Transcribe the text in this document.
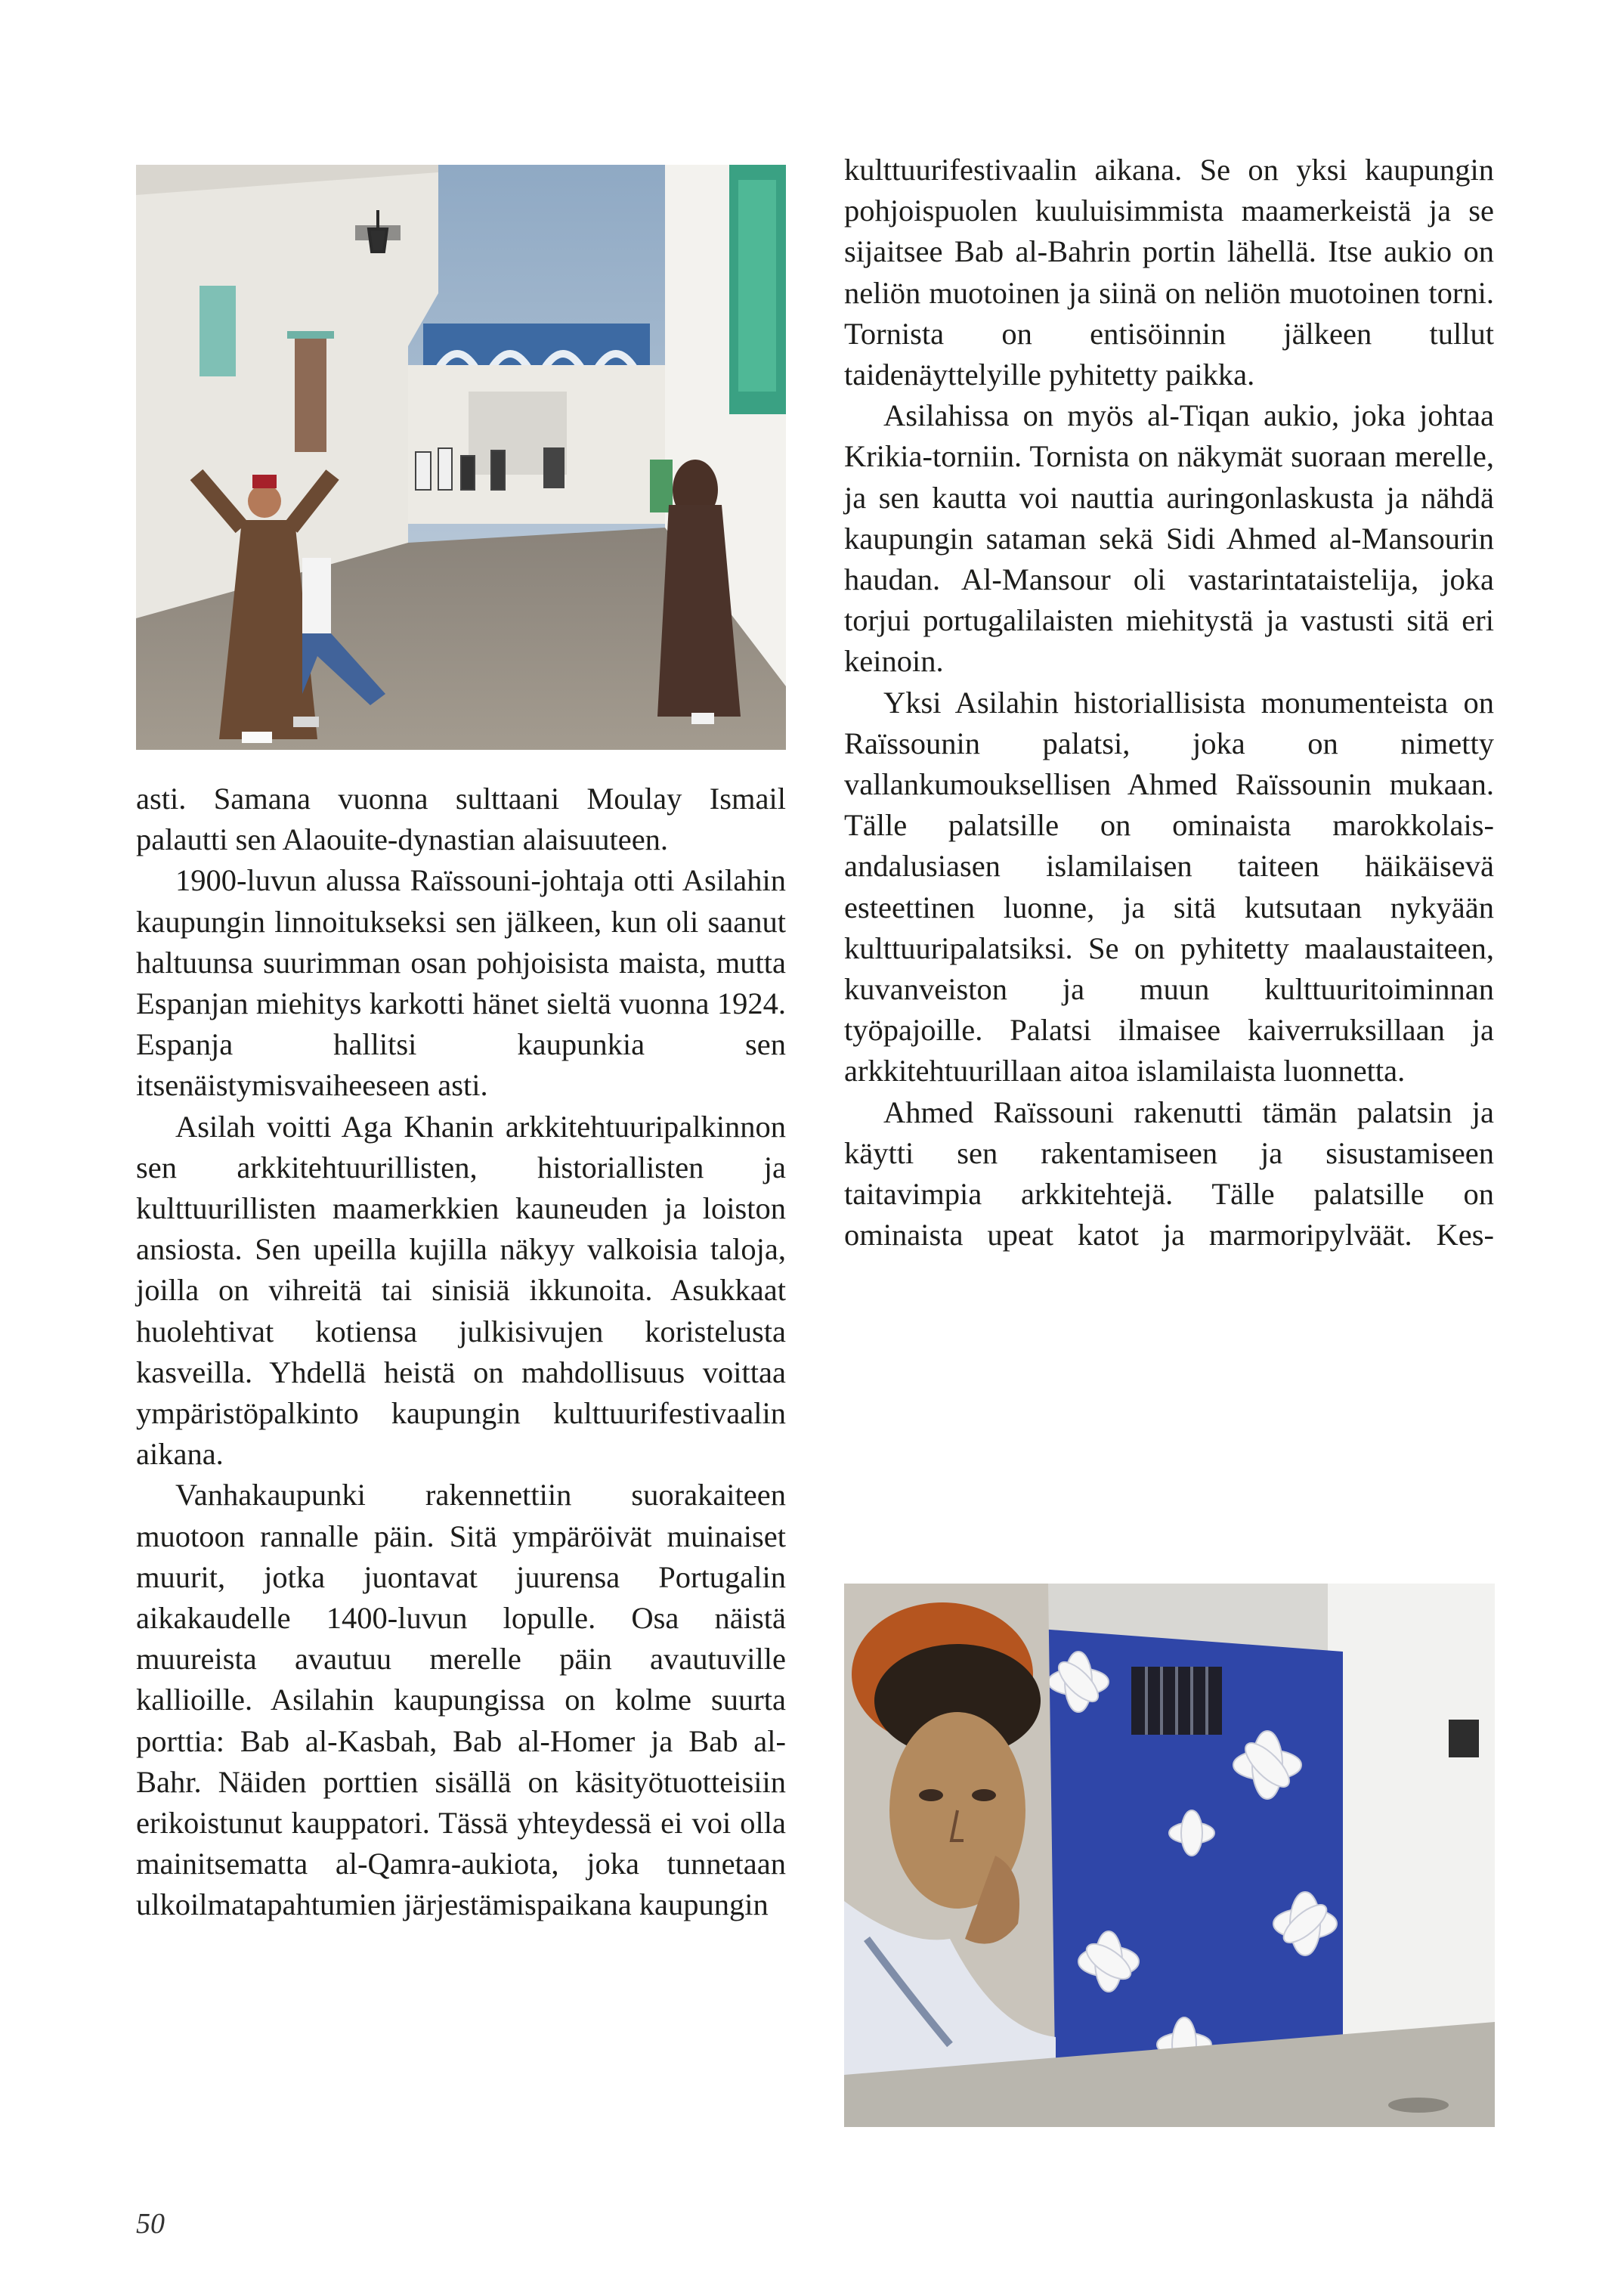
asti. Samana vuonna sulttaani Moulay Ismail palautti sen Alaouite-dynastian alaisuuteen.

1900-luvun alussa Raïssouni-johtaja otti Asilahin kaupungin linnoitukseksi sen jälkeen, kun oli saanut haltuunsa suurimman osan pohjoisista maista, mutta Espanjan miehitys karkotti hänet sieltä vuonna 1924. Espanja hallitsi kaupunkia sen itsenäistymisvaiheeseen asti.

Asilah voitti Aga Khanin arkkitehtuuripalkinnon sen arkkitehtuurillisten, historiallisten ja kulttuurillisten maamerkkien kauneuden ja loiston ansiosta. Sen upeilla kujilla näkyy valkoisia taloja, joilla on vihreitä tai sinisiä ikkunoita. Asukkaat huolehtivat kotiensa julkisivujen koristelusta kasveilla. Yhdellä heistä on mahdollisuus voittaa ympäristöpalkinto kaupungin kulttuurifestivaalin aikana.

Vanhakaupunki rakennettiin suorakaiteen muotoon rannalle päin. Sitä ympäröivät muinaiset muurit, jotka juontavat juurensa Portugalin aikakaudelle 1400-luvun lopulle. Osa näistä muureista avautuu merelle päin avautuville kallioille. Asilahin kaupungissa on kolme suurta porttia: Bab al-Kasbah, Bab al-Homer ja Bab al-Bahr. Näiden porttien sisällä on käsityötuotteisiin erikoistunut kauppatori. Tässä yhteydessä ei voi olla mainitsematta al-Qamra-aukiota, joka tunnetaan ulkoilmatapahtumien järjestämispaikana kaupungin

kulttuurifestivaalin aikana. Se on yksi kaupungin pohjoispuolen kuuluisimmista maamerkeistä ja se sijaitsee Bab al-Bahrin portin lähellä. Itse aukio on neliön muotoinen ja siinä on neliön muotoinen torni. Tornista on entisöinnin jälkeen tullut taidenäyttelyille pyhitetty paikka.

Asilahissa on myös al-Tiqan aukio, joka johtaa Krikia-torniin. Tornista on näkymät suoraan merelle, ja sen kautta voi nauttia auringonlaskusta ja nähdä kaupungin sataman sekä Sidi Ahmed al-Mansourin haudan. Al-Mansour oli vastarintataistelija, joka torjui portugalilaisten miehitystä ja vastusti sitä eri keinoin.

Yksi Asilahin historiallisista monumenteista on Raïssounin palatsi, joka on nimetty vallankumouksellisen Ahmed Raïssounin mukaan. Tälle palatsille on ominaista marokkolais-andalusiasen islamilaisen taiteen häikäisevä esteettinen luonne, ja sitä kutsutaan nykyään kulttuuripalatsiksi. Se on pyhitetty maalaustaiteen, kuvanveiston ja muun kulttuuritoiminnan työpajoille. Palatsi ilmaisee kaiverruksillaan ja arkkitehtuurillaan aitoa islamilaista luonnetta.

Ahmed Raïssouni rakenutti tämän palatsin ja käytti sen rakentamiseen ja sisustamiseen taitavimpia arkkitehtejä. Tälle palatsille on ominaista upeat katot ja marmoripylväät. Kes-

50
